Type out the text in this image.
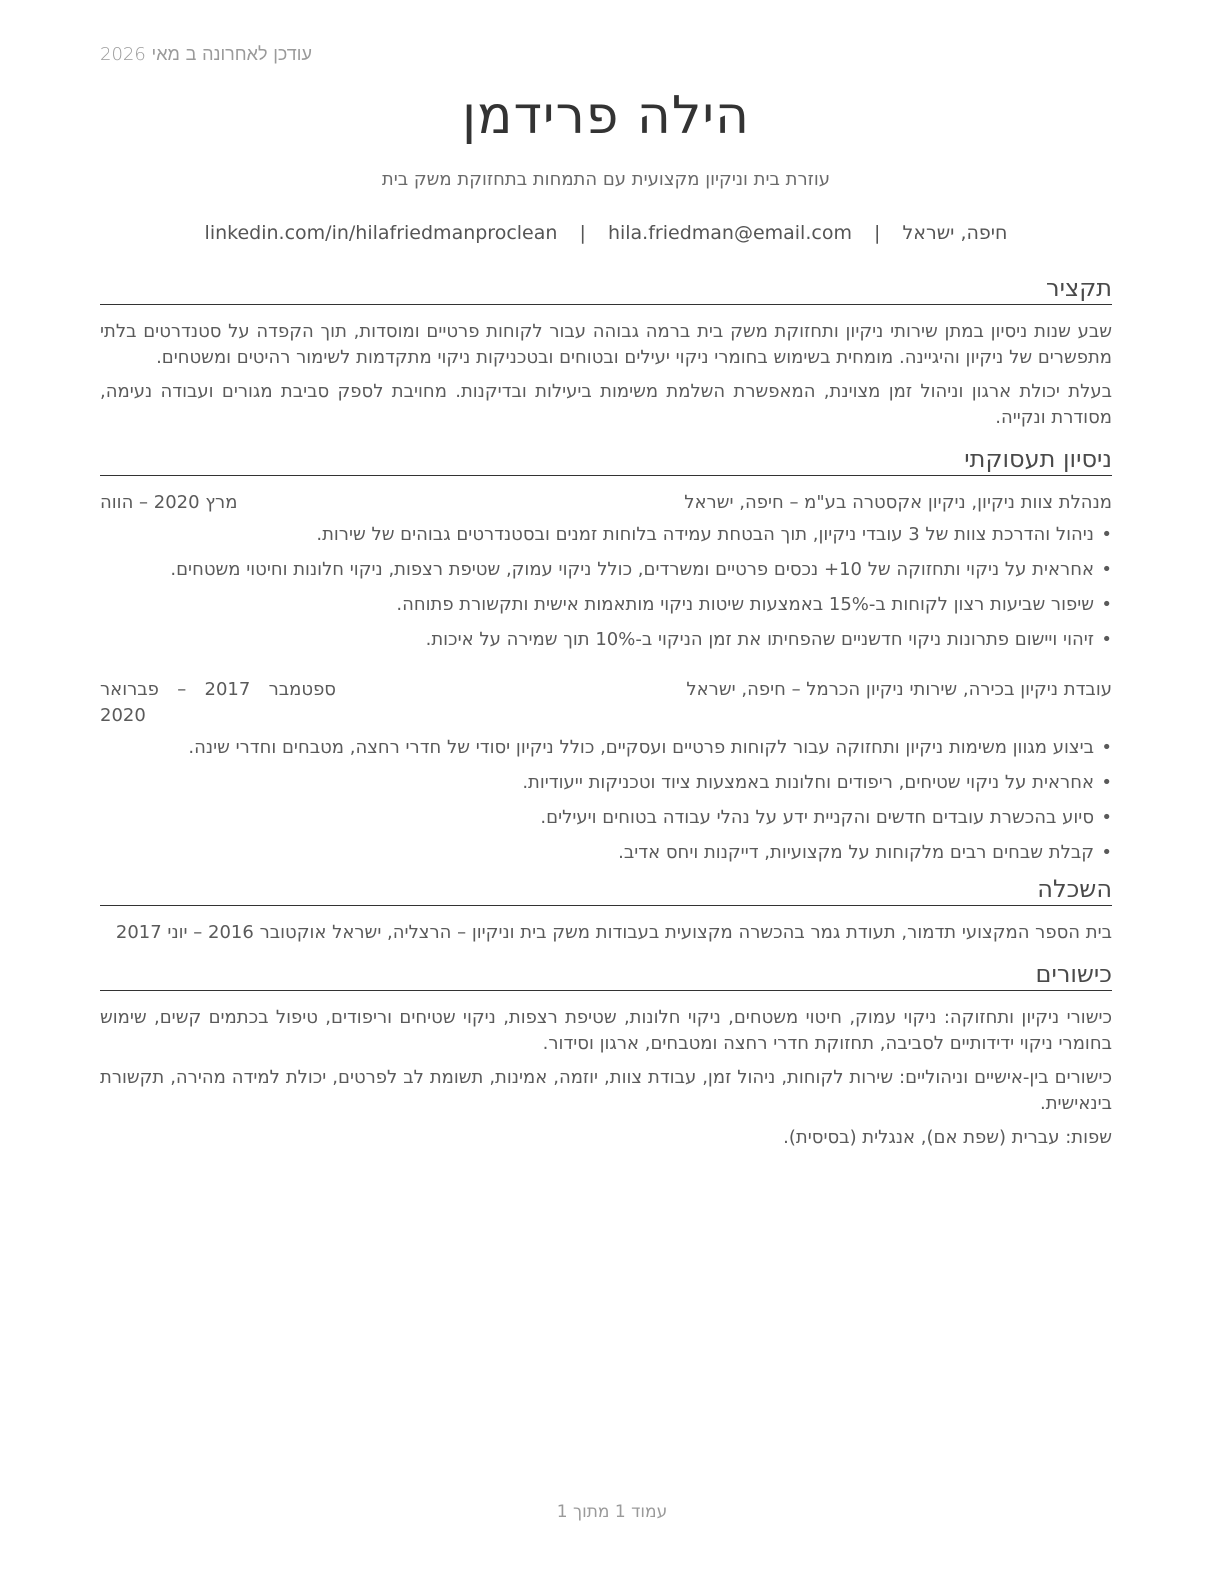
עודכן לאחרונה ב מאי 2026
הילה פרידמן
עוזרת בית וניקיון מקצועית עם התמחות בתחזוקת משק בית
חיפה, ישראל | hila.friedman@email.com | linkedin.com/in/hilafriedmanproclean
תקציר

שבע שנות ניסיון במתן שירותי ניקיון ותחזוקת משק בית ברמה גבוהה עבור לקוחות פרטיים ומוסדות, תוך הקפדה על סטנדרטים בלתי מתפשרים של ניקיון והיגיינה. מומחית בשימוש בחומרי ניקוי יעילים ובטוחים ובטכניקות ניקוי מתקדמות לשימור רהיטים ומשטחים.

בעלת יכולת ארגון וניהול זמן מצוינת, המאפשרת השלמת משימות ביעילות ובדיקנות. מחויבת לספק סביבת מגורים ועבודה נעימה, מסודרת ונקייה.

ניסיון תעסוקתי
מנהלת צוות ניקיון, ניקיון אקסטרה בע"מ – חיפה, ישראל
מרץ 2020 – הווה
•
ניהול והדרכת צוות של 3 עובדי ניקיון, תוך הבטחת עמידה בלוחות זמנים ובסטנדרטים גבוהים של שירות.
•
אחראית על ניקוי ותחזוקה של 10+ נכסים פרטיים ומשרדים, כולל ניקוי עמוק, שטיפת רצפות, ניקוי חלונות וחיטוי משטחים.
•
שיפור שביעות רצון לקוחות ב-15% באמצעות שיטות ניקוי מותאמות אישית ותקשורת פתוחה.
•
זיהוי ויישום פתרונות ניקוי חדשניים שהפחיתו את זמן הניקוי ב-10% תוך שמירה על איכות.
עובדת ניקיון בכירה, שירותי ניקיון הכרמל – חיפה, ישראל
ספטמבר 2017 – פברואר 2020
•
ביצוע מגוון משימות ניקיון ותחזוקה עבור לקוחות פרטיים ועסקיים, כולל ניקיון יסודי של חדרי רחצה, מטבחים וחדרי שינה.
•
אחראית על ניקוי שטיחים, ריפודים וחלונות באמצעות ציוד וטכניקות ייעודיות.
•
סיוע בהכשרת עובדים חדשים והקניית ידע על נהלי עבודה בטוחים ויעילים.
•
קבלת שבחים רבים מלקוחות על מקצועיות, דייקנות ויחס אדיב.
השכלה

בית הספר המקצועי תדמור, תעודת גמר בהכשרה מקצועית בעבודות משק בית וניקיון – הרצליה, ישראל אוקטובר 2016 – יוני 2017

כישורים

כישורי ניקיון ותחזוקה: ניקוי עמוק, חיטוי משטחים, ניקוי חלונות, שטיפת רצפות, ניקוי שטיחים וריפודים, טיפול בכתמים קשים, שימוש בחומרי ניקוי ידידותיים לסביבה, תחזוקת חדרי רחצה ומטבחים, ארגון וסידור.

כישורים בין-אישיים וניהוליים: שירות לקוחות, ניהול זמן, עבודת צוות, יוזמה, אמינות, תשומת לב לפרטים, יכולת למידה מהירה, תקשורת בינאישית.

שפות: עברית (שפת אם), אנגלית (בסיסית).

עמוד 1 מתוך 1
